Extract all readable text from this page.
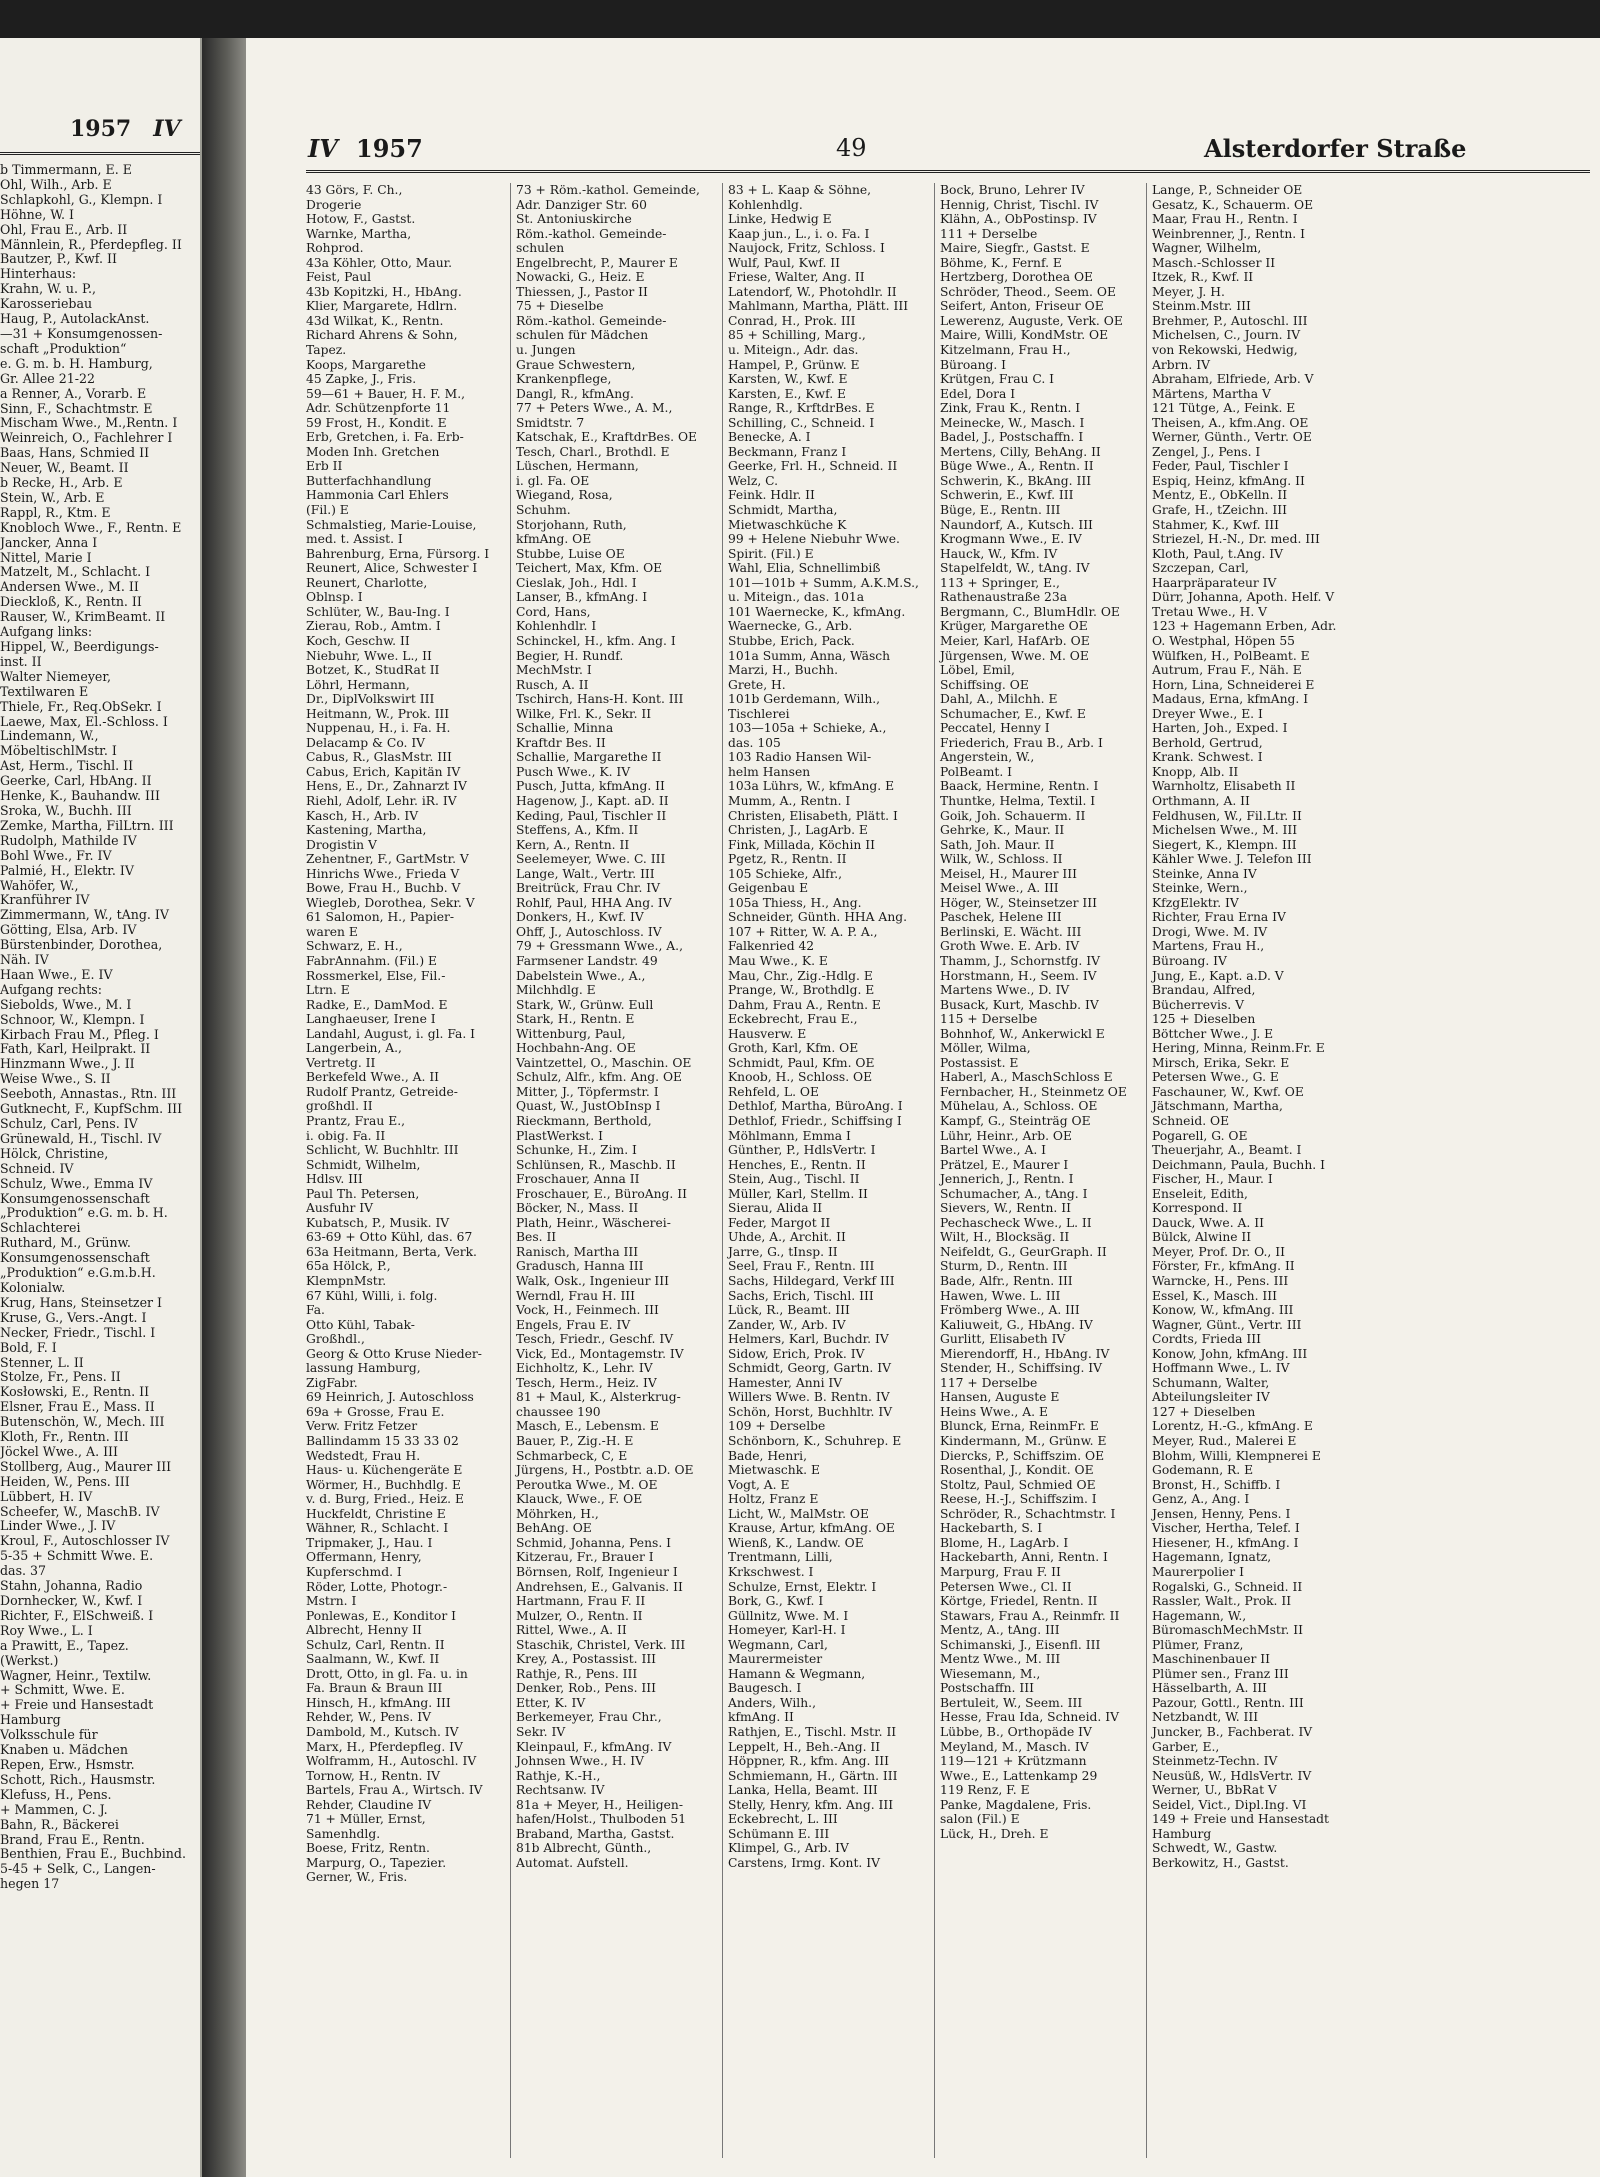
1957 IV
b Timmermann, E. E
Ohl, Wilh., Arb. E
Schlapkohl, G., Klempn. I
Höhne, W. I
Ohl, Frau E., Arb. II
Männlein, R., Pferdepfleg. II
Bautzer, P., Kwf. II
Hinterhaus:
Krahn, W. u. P.,
Karosseriebau
Haug, P., AutolackAnst.
—31 + Konsumgenossen-
schaft „Produktion“
e. G. m. b. H. Hamburg,
Gr. Allee 21-22
a Renner, A., Vorarb. E
Sinn, F., Schachtmstr. E
Mischam Wwe., M.,Rentn. I
Weinreich, O., Fachlehrer I
Baas, Hans, Schmied II
Neuer, W., Beamt. II
b Recke, H., Arb. E
Stein, W., Arb. E
Rappl, R., Ktm. E
Knobloch Wwe., F., Rentn. E
Jancker, Anna I
Nittel, Marie I
Matzelt, M., Schlacht. I
Andersen Wwe., M. II
Dieckloß, K., Rentn. II
Rauser, W., KrimBeamt. II
Aufgang links:
Hippel, W., Beerdigungs-
inst. II
Walter Niemeyer,
Textilwaren E
Thiele, Fr., Req.ObSekr. I
Laewe, Max, El.-Schloss. I
Lindemann, W.,
MöbeltischlMstr. I
Ast, Herm., Tischl. II
Geerke, Carl, HbAng. II
Henke, K., Bauhandw. III
Sroka, W., Buchh. III
Zemke, Martha, FilLtrn. III
Rudolph, Mathilde IV
Bohl Wwe., Fr. IV
Palmié, H., Elektr. IV
Wahöfer, W.,
Kranführer IV
Zimmermann, W., tAng. IV
Götting, Elsa, Arb. IV
Bürstenbinder, Dorothea,
Näh. IV
Haan Wwe., E. IV
Aufgang rechts:
Siebolds, Wwe., M. I
Schnoor, W., Klempn. I
Kirbach Frau M., Pfleg. I
Fath, Karl, Heilprakt. II
Hinzmann Wwe., J. II
Weise Wwe., S. II
Seeboth, Annastas., Rtn. III
Gutknecht, F., KupfSchm. III
Schulz, Carl, Pens. IV
Grünewald, H., Tischl. IV
Hölck, Christine,
Schneid. IV
Schulz, Wwe., Emma IV
Konsumgenossenschaft
„Produktion“ e.G. m. b. H.
Schlachterei
Ruthard, M., Grünw.
Konsumgenossenschaft
„Produktion“ e.G.m.b.H.
Kolonialw.
Krug, Hans, Steinsetzer I
Kruse, G., Vers.-Angt. I
Necker, Friedr., Tischl. I
Bold, F. I
Stenner, L. II
Stolze, Fr., Pens. II
Kosłowski, E., Rentn. II
Elsner, Frau E., Mass. II
Butenschön, W., Mech. III
Kloth, Fr., Rentn. III
Jöckel Wwe., A. III
Stollberg, Aug., Maurer III
Heiden, W., Pens. III
Lübbert, H. IV
Scheefer, W., MaschB. IV
Linder Wwe., J. IV
Kroul, F., Autoschlosser IV
5-35 + Schmitt Wwe. E.
das. 37
Stahn, Johanna, Radio
Dornhecker, W., Kwf. I
Richter, F., ElSchweiß. I
Roy Wwe., L. I
a Prawitt, E., Tapez.
(Werkst.)
Wagner, Heinr., Textilw.
+ Schmitt, Wwe. E.
+ Freie und Hansestadt
Hamburg
Volksschule für
Knaben u. Mädchen
Repen, Erw., Hsmstr.
Schott, Rich., Hausmstr.
Klefuss, H., Pens.
+ Mammen, C. J.
Bahn, R., Bäckerei
Brand, Frau E., Rentn.
Benthien, Frau E., Buchbind.
5-45 + Selk, C., Langen-
hegen 17
IV 1957	49	Alsterdorfer Straße
43 Görs, F. Ch.,
Drogerie
Hotow, F., Gastst.
Warnke, Martha,
Rohprod.
43a Köhler, Otto, Maur.
Feist, Paul
43b Kopitzki, H., HbAng.
Klier, Margarete, Hdlrn.
43d Wilkat, K., Rentn.
Richard Ahrens & Sohn,
Tapez.
Koops, Margarethe
45 Zapke, J., Fris.
59—61 + Bauer, H. F. M.,
Adr. Schützenpforte 11
59 Frost, H., Kondit. E
Erb, Gretchen, i. Fa. Erb-
Moden Inh. Gretchen
Erb II
Butterfachhandlung
Hammonia Carl Ehlers
(Fil.) E
Schmalstieg, Marie-Louise,
med. t. Assist. I
Bahrenburg, Erna, Fürsorg. I
Reunert, Alice, Schwester I
Reunert, Charlotte,
Oblnsp. I
Schlüter, W., Bau-Ing. I
Zierau, Rob., Amtm. I
Koch, Geschw. II
Niebuhr, Wwe. L., II
Botzet, K., StudRat II
Löhrl, Hermann,
Dr., DiplVolkswirt III
Heitmann, W., Prok. III
Nuppenau, H., i. Fa. H.
Delacamp & Co. IV
Cabus, R., GlasMstr. III
Cabus, Erich, Kapitän IV
Hens, E., Dr., Zahnarzt IV
Riehl, Adolf, Lehr. iR. IV
Kasch, H., Arb. IV
Kastening, Martha,
Drogistin V
Zehentner, F., GartMstr. V
Hinrichs Wwe., Frieda V
Bowe, Frau H., Buchb. V
Wiegleb, Dorothea, Sekr. V
61 Salomon, H., Papier-
waren E
Schwarz, E. H.,
FabrAnnahm. (Fil.) E
Rossmerkel, Else, Fil.-
Ltrn. E
Radke, E., DamMod. E
Langhaeuser, Irene I
Landahl, August, i. gl. Fa. I
Langerbein, A.,
Vertretg. II
Berkefeld Wwe., A. II
Rudolf Prantz, Getreide-
großhdl. II
Prantz, Frau E.,
i. obig. Fa. II
Schlicht, W. Buchhltr. III
Schmidt, Wilhelm,
Hdlsv. III
Paul Th. Petersen,
Ausfuhr IV
Kubatsch, P., Musik. IV
63-69 + Otto Kühl, das. 67
63a Heitmann, Berta, Verk.
65a Hölck, P.,
KlempnMstr.
67 Kühl, Willi, i. folg.
Fa.
Otto Kühl, Tabak-
Großhdl.,
Georg & Otto Kruse Nieder-
lassung Hamburg,
ZigFabr.
69 Heinrich, J. Autoschloss
69a + Grosse, Frau E.
Verw. Fritz Fetzer
Ballindamm 15 33 33 02
Wedstedt, Frau H.
Haus- u. Küchengeräte E
Wörmer, H., Buchhdlg. E
v. d. Burg, Fried., Heiz. E
Huckfeldt, Christine E
Wähner, R., Schlacht. I
Tripmaker, J., Hau. I
Offermann, Henry,
Kupferschmd. I
Röder, Lotte, Photogr.-
Mstrn. I
Ponlewas, E., Konditor I
Albrecht, Henny II
Schulz, Carl, Rentn. II
Saalmann, W., Kwf. II
Drott, Otto, in gl. Fa. u. in
Fa. Braun & Braun III
Hinsch, H., kfmAng. III
Rehder, W., Pens. IV
Dambold, M., Kutsch. IV
Marx, H., Pferdepfleg. IV
Wolframm, H., Autoschl. IV
Tornow, H., Rentn. IV
Bartels, Frau A., Wirtsch. IV
Rehder, Claudine IV
71 + Müller, Ernst,
Samenhdlg.
Boese, Fritz, Rentn.
Marpurg, O., Tapezier.
Gerner, W., Fris.
73 + Röm.-kathol. Gemeinde,
Adr. Danziger Str. 60
St. Antoniuskirche
Röm.-kathol. Gemeinde-
schulen
Engelbrecht, P., Maurer E
Nowacki, G., Heiz. E
Thiessen, J., Pastor II
75 + Dieselbe
Röm.-kathol. Gemeinde-
schulen für Mädchen
u. Jungen
Graue Schwestern,
Krankenpflege,
Dangl, R., kfmAng.
77 + Peters Wwe., A. M.,
Smidtstr. 7
Katschak, E., KraftdrBes. OE
Tesch, Charl., Brothdl. E
Lüschen, Hermann,
i. gl. Fa. OE
Wiegand, Rosa,
Schuhm.
Storjohann, Ruth,
kfmAng. OE
Stubbe, Luise OE
Teichert, Max, Kfm. OE
Cieslak, Joh., Hdl. I
Lanser, B., kfmAng. I
Cord, Hans,
Kohlenhdlr. I
Schinckel, H., kfm. Ang. I
Begier, H. Rundf.
MechMstr. I
Rusch, A. II
Tschirch, Hans-H. Kont. III
Wilke, Frl. K., Sekr. II
Schallie, Minna
Kraftdr Bes. II
Schallie, Margarethe II
Pusch Wwe., K. IV
Pusch, Jutta, kfmAng. II
Hagenow, J., Kapt. aD. II
Keding, Paul, Tischler II
Steffens, A., Kfm. II
Kern, A., Rentn. II
Seelemeyer, Wwe. C. III
Lange, Walt., Vertr. III
Breitrück, Frau Chr. IV
Rohlf, Paul, HHA Ang. IV
Donkers, H., Kwf. IV
Ohff, J., Autoschloss. IV
79 + Gressmann Wwe., A.,
Farmsener Landstr. 49
Dabelstein Wwe., A.,
Milchhdlg. E
Stark, W., Grünw. Eull
Stark, H., Rentn. E
Wittenburg, Paul,
Hochbahn-Ang. OE
Vaintzettel, O., Maschin. OE
Schulz, Alfr., kfm. Ang. OE
Mitter, J., Töpfermstr. I
Quast, W., JustObInsp I
Rieckmann, Berthold,
PlastWerkst. I
Schunke, H., Zim. I
Schlünsen, R., Maschb. II
Froschauer, Anna II
Froschauer, E., BüroAng. II
Böcker, N., Mass. II
Plath, Heinr., Wäscherei-
Bes. II
Ranisch, Martha III
Gradusch, Hanna III
Walk, Osk., Ingenieur III
Werndl, Frau H. III
Vock, H., Feinmech. III
Engels, Frau E. IV
Tesch, Friedr., Geschf. IV
Vick, Ed., Montagemstr. IV
Eichholtz, K., Lehr. IV
Tesch, Herm., Heiz. IV
81 + Maul, K., Alsterkrug-
chaussee 190
Masch, E., Lebensm. E
Bauer, P., Zig.-H. E
Schmarbeck, C, E
Jürgens, H., Postbtr. a.D. OE
Peroutka Wwe., M. OE
Klauck, Wwe., F. OE
Möhrken, H.,
BehAng. OE
Schmid, Johanna, Pens. I
Kitzerau, Fr., Brauer I
Börnsen, Rolf, Ingenieur I
Andrehsen, E., Galvanis. II
Hartmann, Frau F. II
Mulzer, O., Rentn. II
Rittel, Wwe., A. II
Staschik, Christel, Verk. III
Krey, A., Postassist. III
Rathje, R., Pens. III
Denker, Rob., Pens. III
Etter, K. IV
Berkemeyer, Frau Chr.,
Sekr. IV
Kleinpaul, F., kfmAng. IV
Johnsen Wwe., H. IV
Rathje, K.-H.,
Rechtsanw. IV
81a + Meyer, H., Heiligen-
hafen/Holst., Thulboden 51
Braband, Martha, Gastst.
81b Albrecht, Günth.,
Automat. Aufstell.
83 + L. Kaap & Söhne,
Kohlenhdlg.
Linke, Hedwig E
Kaap jun., L., i. o. Fa. I
Naujock, Fritz, Schloss. I
Wulf, Paul, Kwf. II
Friese, Walter, Ang. II
Latendorf, W., Photohdlr. II
Mahlmann, Martha, Plätt. III
Conrad, H., Prok. III
85 + Schilling, Marg.,
u. Miteign., Adr. das.
Hampel, P., Grünw. E
Karsten, W., Kwf. E
Karsten, E., Kwf. E
Range, R., KrftdrBes. E
Schilling, C., Schneid. I
Benecke, A. I
Beckmann, Franz I
Geerke, Frl. H., Schneid. II
Welz, C.
Feink. Hdlr. II
Schmidt, Martha,
Mietwaschküche K
99 + Helene Niebuhr Wwe.
Spirit. (Fil.) E
Wahl, Elia, Schnellimbiß
101—101b + Summ, A.K.M.S.,
u. Miteign., das. 101a
101 Waernecke, K., kfmAng.
Waernecke, G., Arb.
Stubbe, Erich, Pack.
101a Summ, Anna, Wäsch
Marzi, H., Buchh.
Grete, H.
101b Gerdemann, Wilh.,
Tischlerei
103—105a + Schieke, A.,
das. 105
103 Radio Hansen Wil-
helm Hansen
103a Lührs, W., kfmAng. E
Mumm, A., Rentn. I
Christen, Elisabeth, Plätt. I
Christen, J., LagArb. E
Fink, Millada, Köchin II
Pgetz, R., Rentn. II
105 Schieke, Alfr.,
Geigenbau E
105a Thiess, H., Ang.
Schneider, Günth. HHA Ang.
107 + Ritter, W. A. P. A.,
Falkenried 42
Mau Wwe., K. E
Mau, Chr., Zig.-Hdlg. E
Prange, W., Brothdlg. E
Dahm, Frau A., Rentn. E
Eckebrecht, Frau E.,
Hausverw. E
Groth, Karl, Kfm. OE
Schmidt, Paul, Kfm. OE
Knoob, H., Schloss. OE
Rehfeld, L. OE
Dethlof, Martha, BüroAng. I
Dethlof, Friedr., Schiffsing I
Möhlmann, Emma I
Günther, P., HdlsVertr. I
Henches, E., Rentn. II
Stein, Aug., Tischl. II
Müller, Karl, Stellm. II
Sierau, Alida II
Feder, Margot II
Uhde, A., Archit. II
Jarre, G., tInsp. II
Seel, Frau F., Rentn. III
Sachs, Hildegard, Verkf III
Sachs, Erich, Tischl. III
Lück, R., Beamt. III
Zander, W., Arb. IV
Helmers, Karl, Buchdr. IV
Sidow, Erich, Prok. IV
Schmidt, Georg, Gartn. IV
Hamester, Anni IV
Willers Wwe. B. Rentn. IV
Schön, Horst, Buchhltr. IV
109 + Derselbe
Schönborn, K., Schuhrep. E
Bade, Henri,
Mietwaschk. E
Vogt, A. E
Holtz, Franz E
Licht, W., MalMstr. OE
Krause, Artur, kfmAng. OE
Wienß, K., Landw. OE
Trentmann, Lilli,
Krkschwest. I
Schulze, Ernst, Elektr. I
Bork, G., Kwf. I
Güllnitz, Wwe. M. I
Homeyer, Karl-H. I
Wegmann, Carl,
Maurermeister
Hamann & Wegmann,
Baugesch. I
Anders, Wilh.,
kfmAng. II
Rathjen, E., Tischl. Mstr. II
Leppelt, H., Beh.-Ang. II
Höppner, R., kfm. Ang. III
Schmiemann, H., Gärtn. III
Lanka, Hella, Beamt. III
Stelly, Henry, kfm. Ang. III
Eckebrecht, L. III
Schümann E. III
Klimpel, G., Arb. IV
Carstens, Irmg. Kont. IV
Bock, Bruno, Lehrer IV
Hennig, Christ, Tischl. IV
Klähn, A., ObPostinsp. IV
111 + Derselbe
Maire, Siegfr., Gastst. E
Böhme, K., Fernf. E
Hertzberg, Dorothea OE
Schröder, Theod., Seem. OE
Seifert, Anton, Friseur OE
Lewerenz, Auguste, Verk. OE
Maire, Willi, KondMstr. OE
Kitzelmann, Frau H.,
Büroang. I
Krütgen, Frau C. I
Edel, Dora I
Zink, Frau K., Rentn. I
Meinecke, W., Masch. I
Badel, J., Postschaffn. I
Mertens, Cilly, BehAng. II
Büge Wwe., A., Rentn. II
Schwerin, K., BkAng. III
Schwerin, E., Kwf. III
Büge, E., Rentn. III
Naundorf, A., Kutsch. III
Krogmann Wwe., E. IV
Hauck, W., Kfm. IV
Stapelfeldt, W., tAng. IV
113 + Springer, E.,
Rathenaustraße 23a
Bergmann, C., BlumHdlr. OE
Krüger, Margarethe OE
Meier, Karl, HafArb. OE
Jürgensen, Wwe. M. OE
Löbel, Emil,
Schiffsing. OE
Dahl, A., Milchh. E
Schumacher, E., Kwf. E
Peccatel, Henny I
Friederich, Frau B., Arb. I
Angerstein, W.,
PolBeamt. I
Baack, Hermine, Rentn. I
Thuntke, Helma, Textil. I
Goik, Joh. Schauerm. II
Gehrke, K., Maur. II
Sath, Joh. Maur. II
Wilk, W., Schloss. II
Meisel, H., Maurer III
Meisel Wwe., A. III
Höger, W., Steinsetzer III
Paschek, Helene III
Berlinski, E. Wächt. III
Groth Wwe. E. Arb. IV
Thamm, J., Schornstfg. IV
Horstmann, H., Seem. IV
Martens Wwe., D. IV
Busack, Kurt, Maschb. IV
115 + Derselbe
Bohnhof, W., Ankerwickl E
Möller, Wilma,
Postassist. E
Haberl, A., MaschSchloss E
Fernbacher, H., Steinmetz OE
Mühelau, A., Schloss. OE
Kampf, G., Steinträg OE
Lühr, Heinr., Arb. OE
Bartel Wwe., A. I
Prätzel, E., Maurer I
Jennerich, J., Rentn. I
Schumacher, A., tAng. I
Sievers, W., Rentn. II
Pechascheck Wwe., L. II
Wilt, H., Blocksäg. II
Neifeldt, G., GeurGraph. II
Sturm, D., Rentn. III
Bade, Alfr., Rentn. III
Hawen, Wwe. L. III
Frömberg Wwe., A. III
Kaliuweit, G., HbAng. IV
Gurlitt, Elisabeth IV
Mierendorff, H., HbAng. IV
Stender, H., Schiffsing. IV
117 + Derselbe
Hansen, Auguste E
Heins Wwe., A. E
Blunck, Erna, ReinmFr. E
Kindermann, M., Grünw. E
Diercks, P., Schiffszim. OE
Rosenthal, J., Kondit. OE
Stoltz, Paul, Schmied OE
Reese, H.-J., Schiffszim. I
Schröder, R., Schachtmstr. I
Hackebarth, S. I
Blome, H., LagArb. I
Hackebarth, Anni, Rentn. I
Marpurg, Frau F. II
Petersen Wwe., Cl. II
Körtge, Friedel, Rentn. II
Stawars, Frau A., Reinmfr. II
Mentz, A., tAng. III
Schimanski, J., Eisenfl. III
Mentz Wwe., M. III
Wiesemann, M.,
Postschaffn. III
Bertuleit, W., Seem. III
Hesse, Frau Ida, Schneid. IV
Lübbe, B., Orthopäde IV
Meyland, M., Masch. IV
119—121 + Krützmann
Wwe., E., Lattenkamp 29
119 Renz, F. E
Panke, Magdalene, Fris.
salon (Fil.) E
Lück, H., Dreh. E
Lange, P., Schneider OE
Gesatz, K., Schauerm. OE
Maar, Frau H., Rentn. I
Weinbrenner, J., Rentn. I
Wagner, Wilhelm,
Masch.-Schlosser II
Itzek, R., Kwf. II
Meyer, J. H.
Steinm.Mstr. III
Brehmer, P., Autoschl. III
Michelsen, C., Journ. IV
von Rekowski, Hedwig,
Arbrn. IV
Abraham, Elfriede, Arb. V
Märtens, Martha V
121 Tütge, A., Feink. E
Theisen, A., kfm.Ang. OE
Werner, Günth., Vertr. OE
Zengel, J., Pens. I
Feder, Paul, Tischler I
Espiq, Heinz, kfmAng. II
Mentz, E., ObKelln. II
Grafe, H., tZeichn. III
Stahmer, K., Kwf. III
Striezel, H.-N., Dr. med. III
Kloth, Paul, t.Ang. IV
Szczepan, Carl,
Haarpräparateur IV
Dürr, Johanna, Apoth. Helf. V
Tretau Wwe., H. V
123 + Hagemann Erben, Adr.
O. Westphal, Höpen 55
Wülfken, H., PolBeamt. E
Autrum, Frau F., Näh. E
Horn, Lina, Schneiderei E
Madaus, Erna, kfmAng. I
Dreyer Wwe., E. I
Harten, Joh., Exped. I
Berhold, Gertrud,
Krank. Schwest. I
Knopp, Alb. II
Warnholtz, Elisabeth II
Orthmann, A. II
Feldhusen, W., Fil.Ltr. II
Michelsen Wwe., M. III
Siegert, K., Klempn. III
Kähler Wwe. J. Telefon III
Steinke, Anna IV
Steinke, Wern.,
KfzgElektr. IV
Richter, Frau Erna IV
Drogi, Wwe. M. IV
Martens, Frau H.,
Büroang. IV
Jung, E., Kapt. a.D. V
Brandau, Alfred,
Bücherrevis. V
125 + Dieselben
Böttcher Wwe., J. E
Hering, Minna, Reinm.Fr. E
Mirsch, Erika, Sekr. E
Petersen Wwe., G. E
Faschauner, W., Kwf. OE
Jätschmann, Martha,
Schneid. OE
Pogarell, G. OE
Theuerjahr, A., Beamt. I
Deichmann, Paula, Buchh. I
Fischer, H., Maur. I
Enseleit, Edith,
Korrespond. II
Dauck, Wwe. A. II
Bülck, Alwine II
Meyer, Prof. Dr. O., II
Förster, Fr., kfmAng. II
Warncke, H., Pens. III
Essel, K., Masch. III
Konow, W., kfmAng. III
Wagner, Günt., Vertr. III
Cordts, Frieda III
Konow, John, kfmAng. III
Hoffmann Wwe., L. IV
Schumann, Walter,
Abteilungsleiter IV
127 + Dieselben
Lorentz, H.-G., kfmAng. E
Meyer, Rud., Malerei E
Blohm, Willi, Klempnerei E
Godemann, R. E
Bronst, H., Schiffb. I
Genz, A., Ang. I
Jensen, Henny, Pens. I
Vischer, Hertha, Telef. I
Hiesener, H., kfmAng. I
Hagemann, Ignatz,
Maurerpolier I
Rogalski, G., Schneid. II
Rassler, Walt., Prok. II
Hagemann, W.,
BüromaschMechMstr. II
Plümer, Franz,
Maschinenbauer II
Plümer sen., Franz III
Hässelbarth, A. III
Pazour, Gottl., Rentn. III
Netzbandt, W. III
Juncker, B., Fachberat. IV
Garber, E.,
Steinmetz-Techn. IV
Neusüß, W., HdlsVertr. IV
Werner, U., BbRat V
Seidel, Vict., Dipl.Ing. VI
149 + Freie und Hansestadt
Hamburg
Schwedt, W., Gastw.
Berkowitz, H., Gastst.
